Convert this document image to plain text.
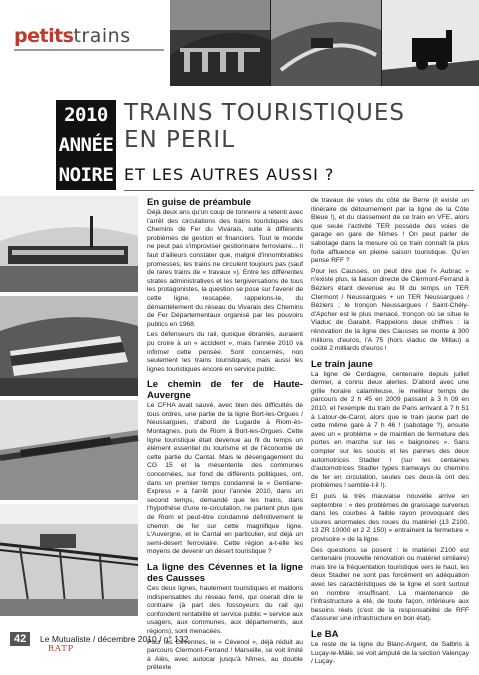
petitstrains
2010
ANNÉE
NOIRE
TRAINS TOURISTIQUES
EN PERIL
ET LES AUTRES AUSSI ?
En guise de préambule

Déjà deux ans qu'un coup de tonnerre a retenti avec l'arrêt des circulations des trains touristiques des Chemins de Fer du Vivarais, suite à différents problèmes de gestion et financiers. Tout le monde ne peut pas s'improviser gestionnaire ferroviaire... Il faut d'ailleurs constater que, malgré d'innombrables promesses, les trains ne circulent toujours pas (sauf de rares trains de « travaux »). Entre les différentes strates administratives et les tergiversations de tous les protagonistes, la question se pose sur l'avenir de cette ligne, rescapée, rappelons-le, du démantèlement du réseau du Vivarais des Chemins de Fer Départementaux organisé par les pouvoirs publics en 1968.

Les défenseurs du rail, quoique ébranlés, auraient pu croire à un « accident », mais l'année 2010 va infirmer cette pensée. Sont concernés, non seulement les trains touristiques, mais aussi les lignes touristiques encore en service public.

Le chemin de fer de Haute-Auvergne

Le CFHA avait sauvé, avec bien des difficultés de tous ordres, une partie de la ligne Bort-les-Orgues / Neussargues, d'abord de Lugarde à Riom-ès-Montagnes, puis de Riom à Bort-les-Orgues. Cette ligne touristique était devenue au fil du temps un élément essentiel du tourisme et de l'économie de cette partie du Cantal. Mais le désengagement du CG 15 et la mésentente des communes concernées, sur fond de différents politiques, ont, dans un premier temps condamné le « Gentiane-Express » à l'arrêt pour l'année 2010, dans un second temps, demandé que les trains, dans l'hypothèse d'une re-circulation, ne partent plus que de Riom et peut-être condamné définitivement le chemin de fer sur cette magnifique ligne. L'Auvergne, et le Cantal en particulier, est déjà un semi-désert ferroviaire. Cette région a-t-elle les moyens de devenir un désert touristique ?

La ligne des Cévennes et la ligne des Causses

Ces deux lignes, hautement touristiques et maillons indispensables du réseau ferré, qui oserait dire le contraire (à part des fossoyeurs du rail qui confondent rentabilité et service public = service aux usagers, aux communes, aux départements, aux régions), sont menacées.

Pour les Cévennes, le « Cévenol », déjà réduit au parcours Clermont-Ferrand / Marseille, se voit limité à Alès, avec autocar jusqu'à Nîmes, au double prétexte

de travaux de voies du côté de Berre (il existe un itinéraire de détournement par la ligne de la Côte Bleue !), et du classement de ce train en VFE, alors que seule l'activité TER possède des voies de garage en gare de Nîmes ! On peut parler de sabotage dans la mesure où ce train connaît la plus forte affluence en pleine saison touristique. Qu'en pense RFF ?

Pour les Causses, on peut dire que l'« Aubrac » n'existe plus, la liaison directe de Clermont-Ferrand à Béziers étant devenue au fil du temps un TER Clermont / Neussargues + un TER Neussargues / Béziers ; le tronçon Neussargues / Saint-Chély-d'Apcher est le plus menacé, tronçon où se situe le Viaduc de Garabit. Rappelons deux chiffres : la rénovation de la ligne des Causses se monte à 300 millions d'euros, l'A 75 (hors viaduc de Millau) a coûté 2 milliards d'euros !

Le train jaune

La ligne de Cerdagne, centenaire depuis juillet dernier, a connu deux alertes. D'abord avec une grille horaire calamiteuse, le meilleur temps de parcours de 2 h 45 en 2009 passant à 3 h 09 en 2010, et l'exemple du train de Paris arrivant à 7 h 51 à Latour-de-Carol, alors que le train jaune part de cette même gare à 7 h 46 ! (sabotage ?), ensuite avec un « problème » de maintien de fermeture des portes en marche sur les « baignoires ». Sans compter sur les soucis et les pannes des deux automotrices Stadler ! (sur les centaines d'automotrices Stadler types tramways ou chemins de fer en circulation, seules ces deux-là ont des problèmes ! semble-t-il !).

Et puis la très mauvaise nouvelle arrive en septembre : « des problèmes de graissage survenus dans les courbes à faible rayon provoquant des usures anormales des roues du matériel (13 Z100, 13 ZR 10000 et 2 Z 150) » entraînent la fermeture « provisoire » de la ligne.

Des questions se posent : le matériel Z100 est centenaire (nouvelle rénovation ou matériel similaire) mais tire la fréquentation touristique vers le haut, les deux Stadler ne sont pas forcément en adéquation avec les caractéristiques de la ligne et sont surtout en nombre insuffisant. La maintenance de l'infrastructure a été, de toute façon, inférieure aux besoins réels (c'est de la responsabilité de RFF d'assurer une infrastructure en bon état).

Le BA

Le reste de la ligne du Blanc-Argent, de Salbris à Luçay-le-Mâle, se voit amputé de la section Valençay / Luçay-

42	Le Mutualiste / décembre 2010 / n° 132
RATP
